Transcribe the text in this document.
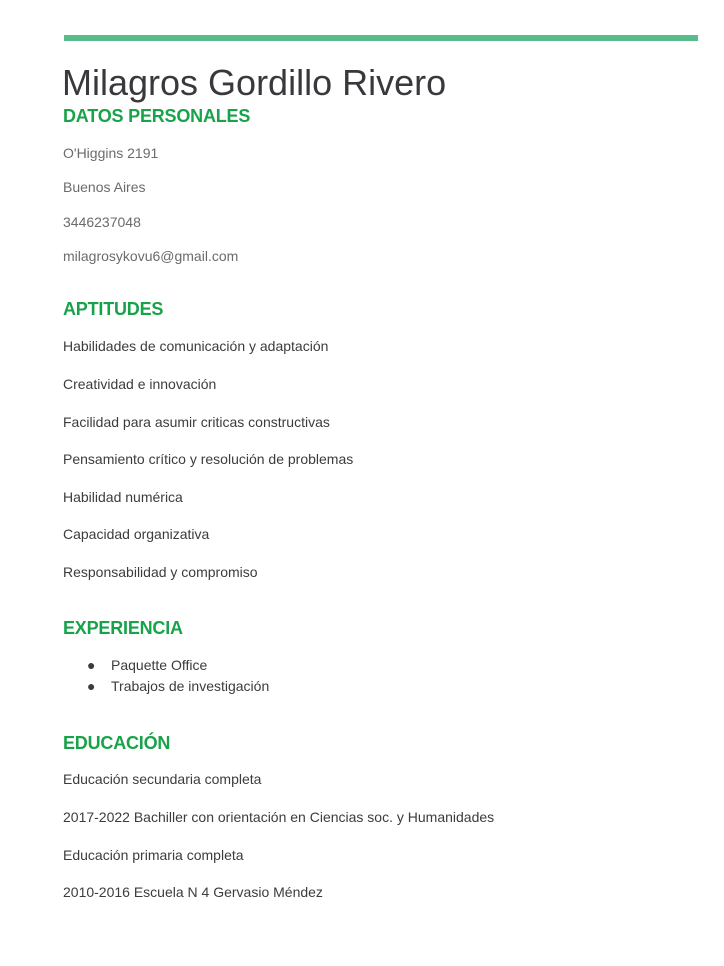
Milagros Gordillo Rivero
DATOS PERSONALES

O'Higgins 2191

Buenos Aires

3446237048

milagrosykovu6@gmail.com

APTITUDES

Habilidades de comunicación y adaptación

Creatividad e innovación

Facilidad para asumir criticas constructivas

Pensamiento crítico y resolución de problemas

Habilidad numérica

Capacidad organizativa

Responsabilidad y compromiso

EXPERIENCIA
● Paquette Office
● Trabajos de investigación
EDUCACIÓN

Educación secundaria completa

2017-2022 Bachiller con orientación en Ciencias soc. y Humanidades

Educación primaria completa

2010-2016 Escuela N 4 Gervasio Méndez
